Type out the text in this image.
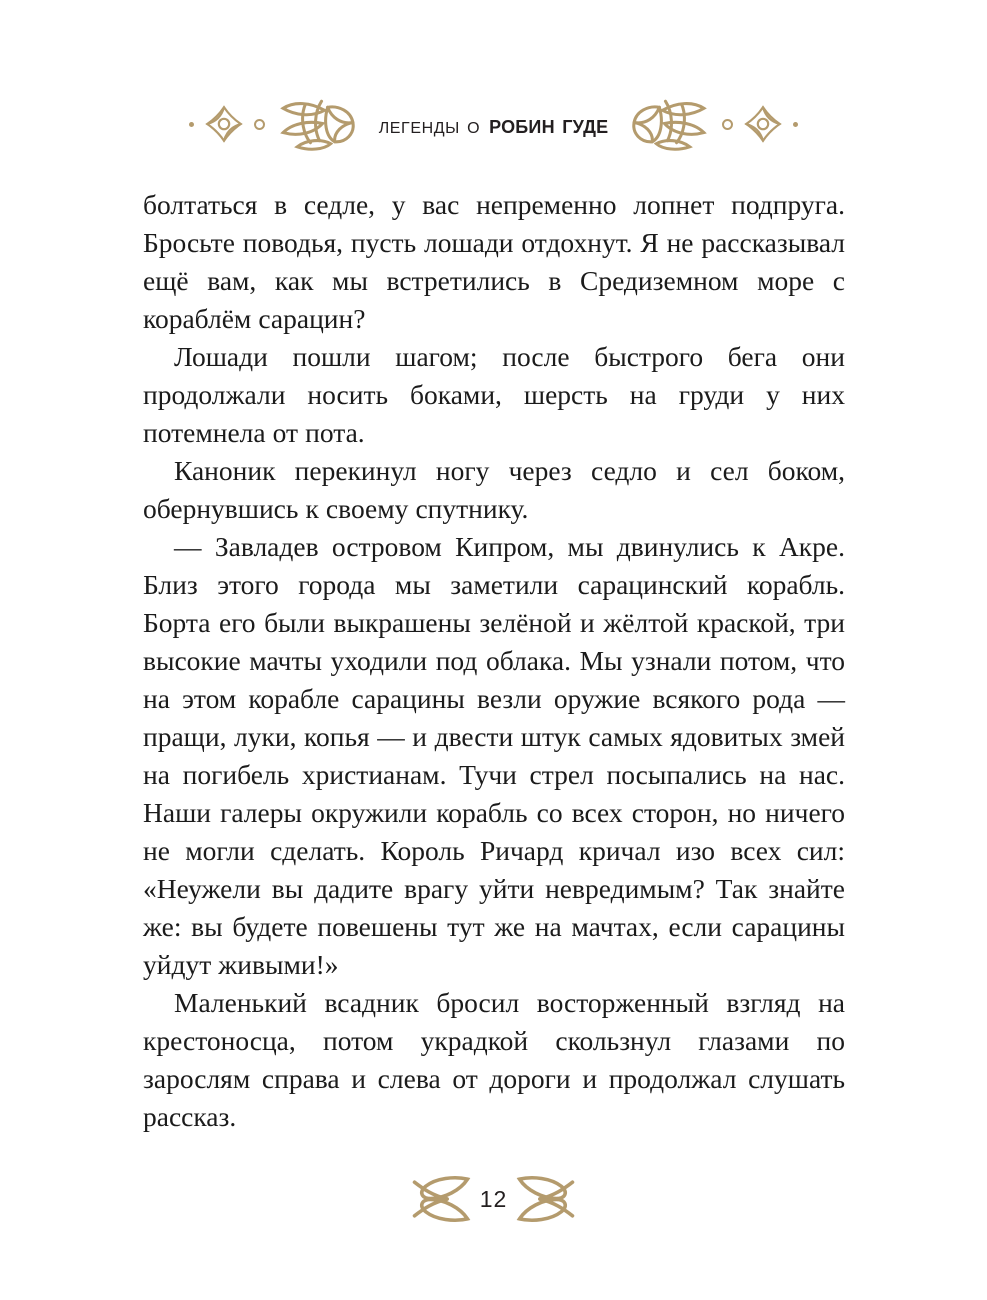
легенды о робин гуде

болтаться в седле, у вас непременно лопнет подпруга. Бросьте поводья, пусть лошади отдохнут. Я не рассказывал ещё вам, как мы встретились в Средиземном море с кораблём сарацин?

Лошади пошли шагом; после быстрого бега они продолжали носить боками, шерсть на груди у них потемнела от пота.

Каноник перекинул ногу через седло и сел боком, обернувшись к своему спутнику.

— Завладев островом Кипром, мы двинулись к Акре. Близ этого города мы заметили сарацинский корабль. Борта его были выкрашены зелёной и жёлтой краской, три высокие мачты уходили под облака. Мы узнали потом, что на этом корабле сарацины везли оружие всякого рода — пращи, луки, копья — и двести штук самых ядовитых змей на погибель христианам. Тучи стрел посыпались на нас. Наши галеры окружили корабль со всех сторон, но ничего не могли сделать. Король Ричард кричал изо всех сил: «Неужели вы дадите врагу уйти невредимым? Так знайте же: вы будете повешены тут же на мачтах, если сарацины уйдут живыми!»

Маленький всадник бросил восторженный взгляд на крестоносца, потом украдкой скользнул глазами по зарослям справа и слева от дороги и продолжал слушать рассказ.

12
